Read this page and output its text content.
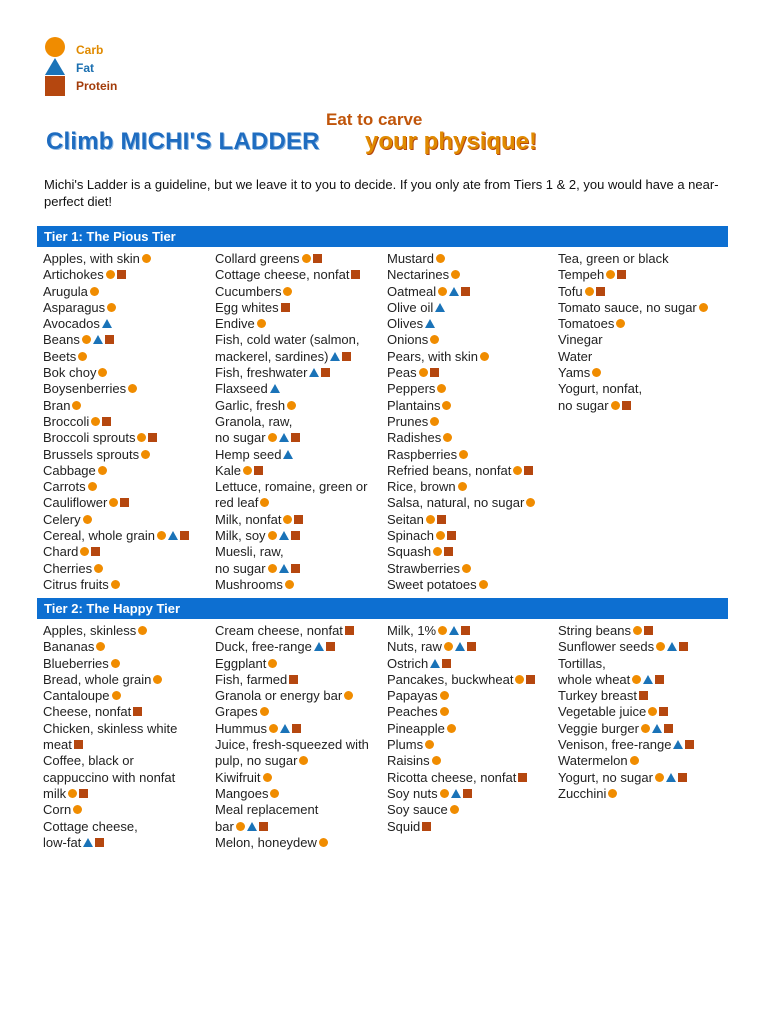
Carb
Fat
Protein
Climb MICHI'S LADDER
Eat to carve
your physique!
Michi's Ladder is a guideline, but we leave it to you to decide. If you only ate from Tiers 1 & 2, you would have a near-perfect diet!
Tier 1: The Pious Tier
Tier 2: The Happy Tier
Apples, with skin
Artichokes
Arugula
Asparagus
Avocados
Beans
Beets
Bok choy
Boysenberries
Bran
Broccoli
Broccoli sprouts
Brussels sprouts
Cabbage
Carrots
Cauliflower
Celery
Cereal, whole grain
Chard
Cherries
Citrus fruits
Collard greens
Cottage cheese, nonfat
Cucumbers
Egg whites
Endive
Fish, cold water (salmon,
mackerel, sardines)
Fish, freshwater
Flaxseed
Garlic, fresh
Granola, raw,
no sugar
Hemp seed
Kale
Lettuce, romaine, green or
red leaf
Milk, nonfat
Milk, soy
Muesli, raw,
no sugar
Mushrooms
Mustard
Nectarines
Oatmeal
Olive oil
Olives
Onions
Pears, with skin
Peas
Peppers
Plantains
Prunes
Radishes
Raspberries
Refried beans, nonfat
Rice, brown
Salsa, natural, no sugar
Seitan
Spinach
Squash
Strawberries
Sweet potatoes
Tea, green or black
Tempeh
Tofu
Tomato sauce, no sugar
Tomatoes
Vinegar
Water
Yams
Yogurt, nonfat,
no sugar
Apples, skinless
Bananas
Blueberries
Bread, whole grain
Cantaloupe
Cheese, nonfat
Chicken, skinless white
meat
Coffee, black or
cappuccino with nonfat
milk
Corn
Cottage cheese,
low-fat
Cream cheese, nonfat
Duck, free-range
Eggplant
Fish, farmed
Granola or energy bar
Grapes
Hummus
Juice, fresh-squeezed with
pulp, no sugar
Kiwifruit
Mangoes
Meal replacement
bar
Melon, honeydew
Milk, 1%
Nuts, raw
Ostrich
Pancakes, buckwheat
Papayas
Peaches
Pineapple
Plums
Raisins
Ricotta cheese, nonfat
Soy nuts
Soy sauce
Squid
String beans
Sunflower seeds
Tortillas,
whole wheat
Turkey breast
Vegetable juice
Veggie burger
Venison, free-range
Watermelon
Yogurt, no sugar
Zucchini
